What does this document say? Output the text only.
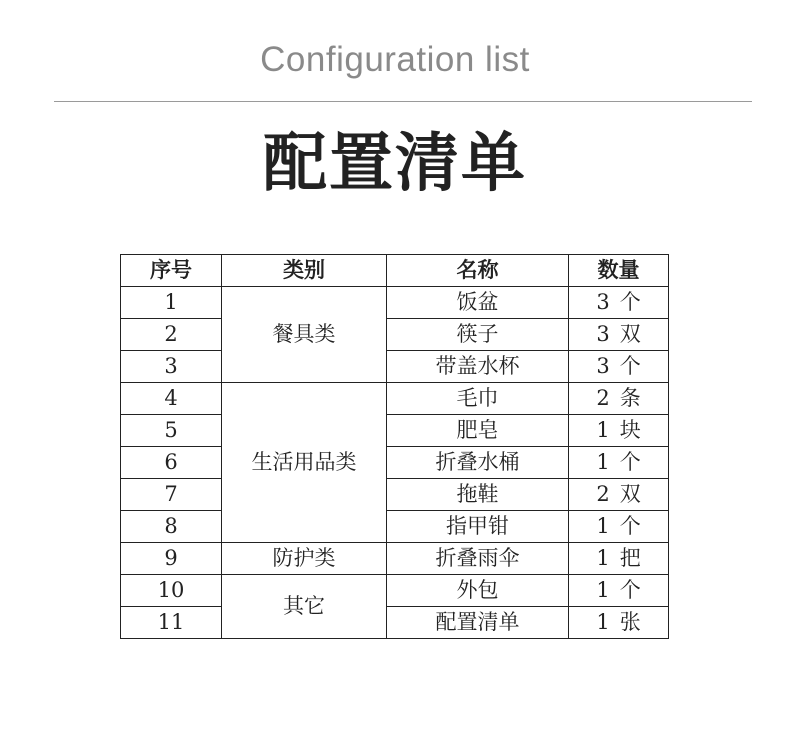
Configuration list
配置清单
序号	类别	名称	数量
1	餐具类	饭盆	3 个
2		筷子	3 双
3		带盖水杯	3 个
4	生活用品类	毛巾	2 条
5		肥皂	1 块
6		折叠水桶	1 个
7		拖鞋	2 双
8		指甲钳	1 个
9	防护类	折叠雨伞	1 把
10	其它	外包	1 个
11		配置清单	1 张
